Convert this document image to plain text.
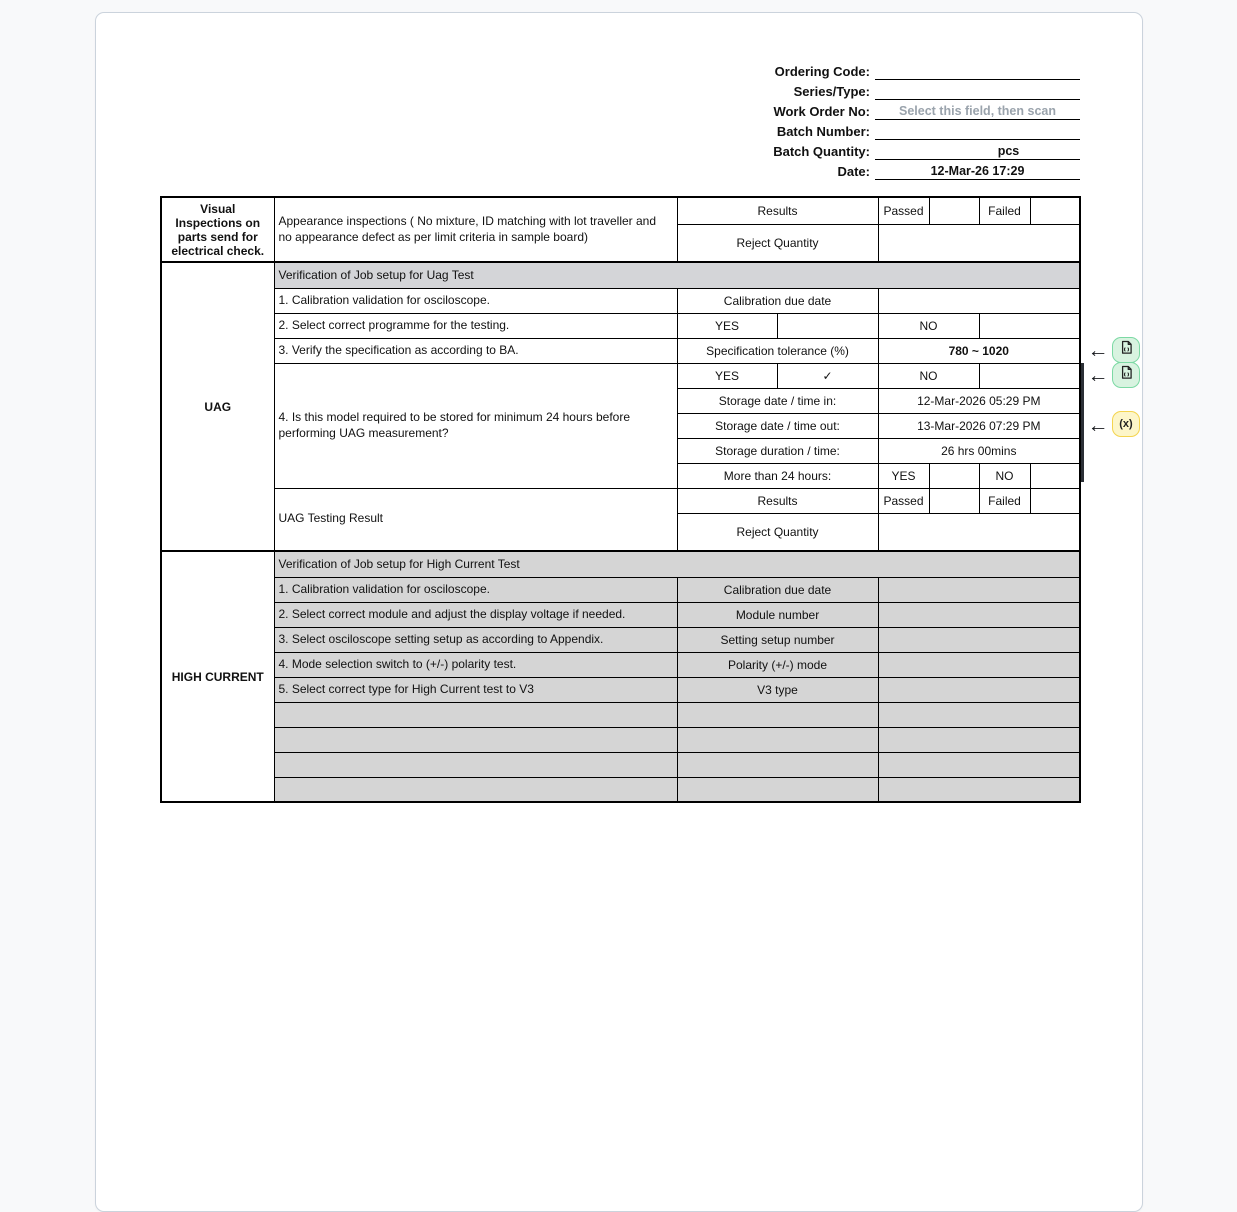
Ordering Code:
Series/Type:
Work Order No:	Select this field, then scan
Batch Number:
Batch Quantity:	pcs
Date:	12-Mar-26 17:29
Visual Inspections on parts send for electrical check.	Appearance inspections ( No mixture, ID matching with lot traveller and no appearance defect as per limit criteria in sample board)	Results		Passed		Failed	
		Reject Quantity					
UAG	Verification of Job setup for Uag Test						
	1. Calibration validation for osciloscope.	Calibration due date					
	2. Select correct programme for the testing.	YES		NO			
	3. Verify the specification as according to BA.	Specification tolerance (%)		780 ~ 1020			
	4. Is this model required to be stored for minimum 24 hours before performing UAG measurement?	YES	✓	NO			
		Storage date / time in:		12-Mar-2026 05:29 PM			
		Storage date / time out:		13-Mar-2026 07:29 PM			
		Storage duration / time:		26 hrs 00mins			
		More than 24 hours:		YES		NO	
	UAG Testing Result	Results		Passed		Failed	
		Reject Quantity					
HIGH CURRENT	Verification of Job setup for High Current Test						
	1. Calibration validation for osciloscope.	Calibration due date					
	2. Select correct module and adjust the display voltage if needed.	Module number					
	3. Select osciloscope setting setup as according to Appendix.	Setting setup number					
	4. Mode selection switch to (+/-) polarity test.	Polarity (+/-) mode					
	5. Select correct type for High Current test to V3	V3 type					

←
←
← (x)
